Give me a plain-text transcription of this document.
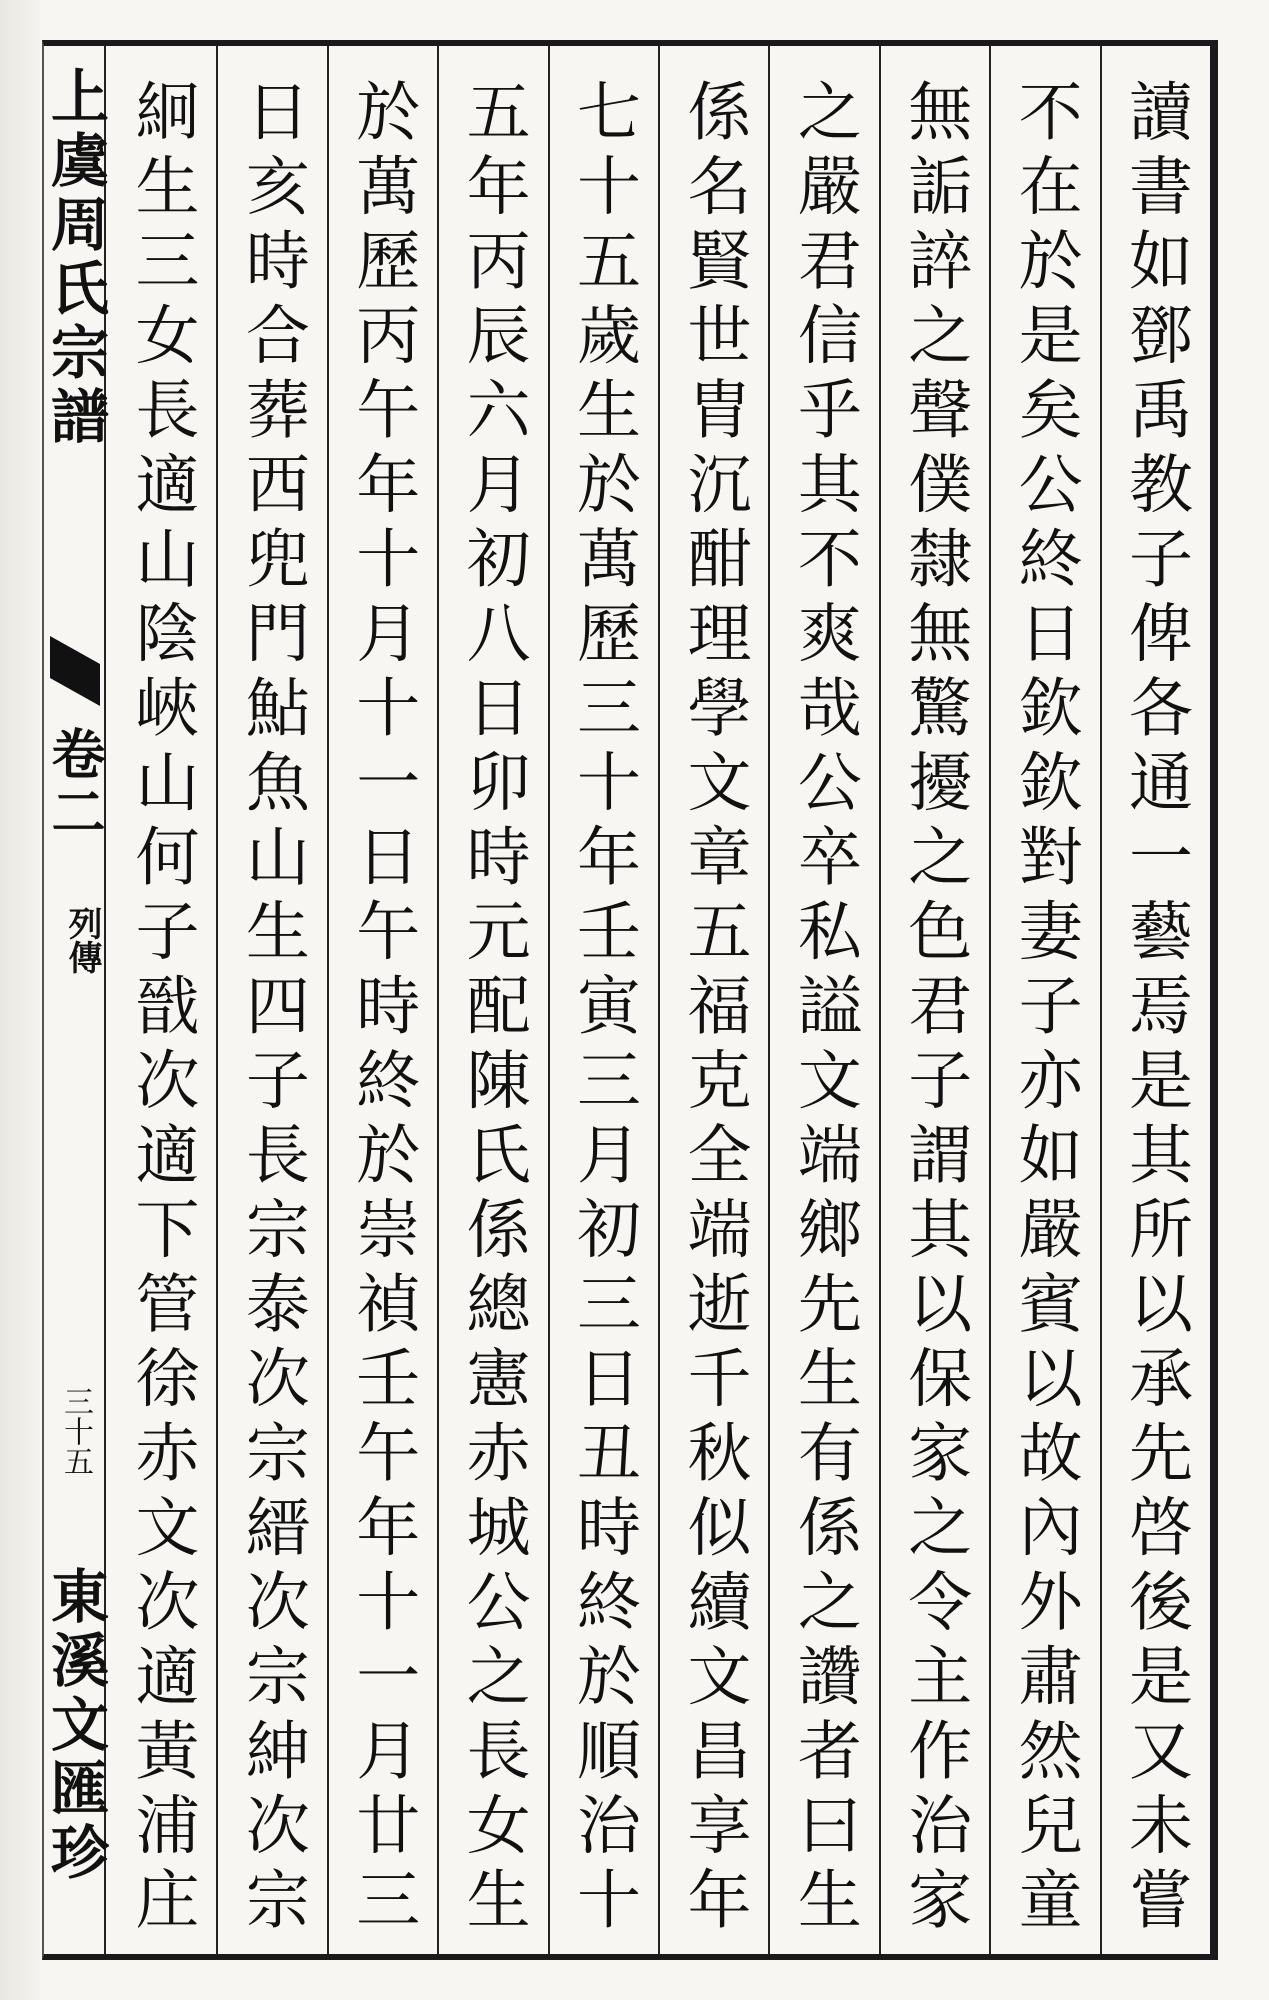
上虞周氏宗譜
卷二
列傳
三十五
東溪文匯珍	讀書如鄧禹教子俾各通一藝焉是其所以承先啓後是又未嘗
不在於是矣公終日欽欽對妻子亦如嚴賓以故內外肅然兒童
無詬誶之聲僕隸無驚擾之色君子謂其以保家之令主作治家
之嚴君信乎其不爽哉公卒私謚文端鄉先生有係之讚者曰生
係名賢世胄沉酣理學文章五福克全端逝千秋似續文昌享年
七十五歲生於萬歷三十年壬寅三月初三日丑時終於順治十
五年丙辰六月初八日卯時元配陳氏係總憲赤城公之長女生
於萬歷丙午年十月十一日午時終於崇禎壬午年十一月廿三
日亥時合葬西兜門鮎魚山生四子長宗泰次宗縉次宗紳次宗
絅生三女長適山陰峽山何子戩次適下管徐赤文次適黃浦庄
